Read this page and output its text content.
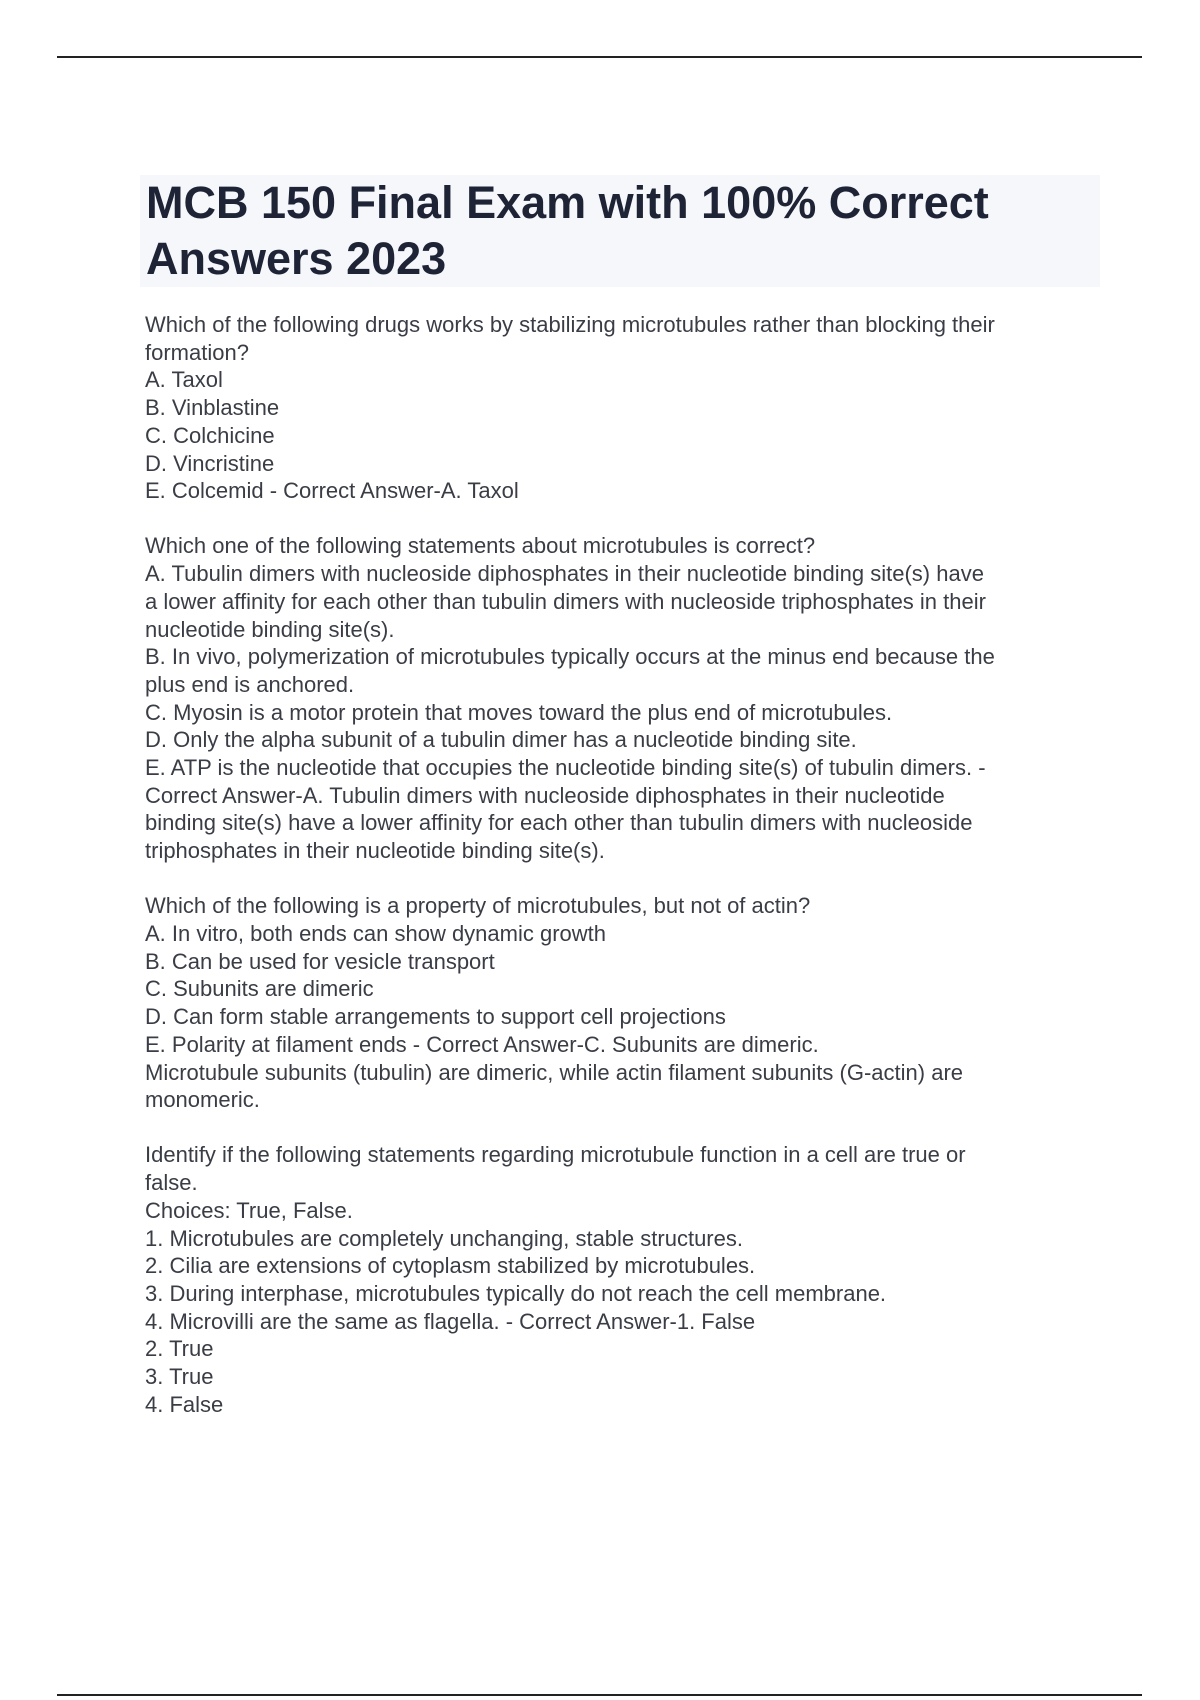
MCB 150 Final Exam with 100% Correct
Answers 2023
Which of the following drugs works by stabilizing microtubules rather than blocking their
formation?
A. Taxol
B. Vinblastine
C. Colchicine
D. Vincristine
E. Colcemid - Correct Answer-A. Taxol
Which one of the following statements about microtubules is correct?
A. Tubulin dimers with nucleoside diphosphates in their nucleotide binding site(s) have
a lower affinity for each other than tubulin dimers with nucleoside triphosphates in their
nucleotide binding site(s).
B. In vivo, polymerization of microtubules typically occurs at the minus end because the
plus end is anchored.
C. Myosin is a motor protein that moves toward the plus end of microtubules.
D. Only the alpha subunit of a tubulin dimer has a nucleotide binding site.
E. ATP is the nucleotide that occupies the nucleotide binding site(s) of tubulin dimers. -
Correct Answer-A. Tubulin dimers with nucleoside diphosphates in their nucleotide
binding site(s) have a lower affinity for each other than tubulin dimers with nucleoside
triphosphates in their nucleotide binding site(s).
Which of the following is a property of microtubules, but not of actin?
A. In vitro, both ends can show dynamic growth
B. Can be used for vesicle transport
C. Subunits are dimeric
D. Can form stable arrangements to support cell projections
E. Polarity at filament ends - Correct Answer-C. Subunits are dimeric.
Microtubule subunits (tubulin) are dimeric, while actin filament subunits (G-actin) are
monomeric.
Identify if the following statements regarding microtubule function in a cell are true or
false.
Choices: True, False.
1. Microtubules are completely unchanging, stable structures.
2. Cilia are extensions of cytoplasm stabilized by microtubules.
3. During interphase, microtubules typically do not reach the cell membrane.
4. Microvilli are the same as flagella. - Correct Answer-1. False
2. True
3. True
4. False
